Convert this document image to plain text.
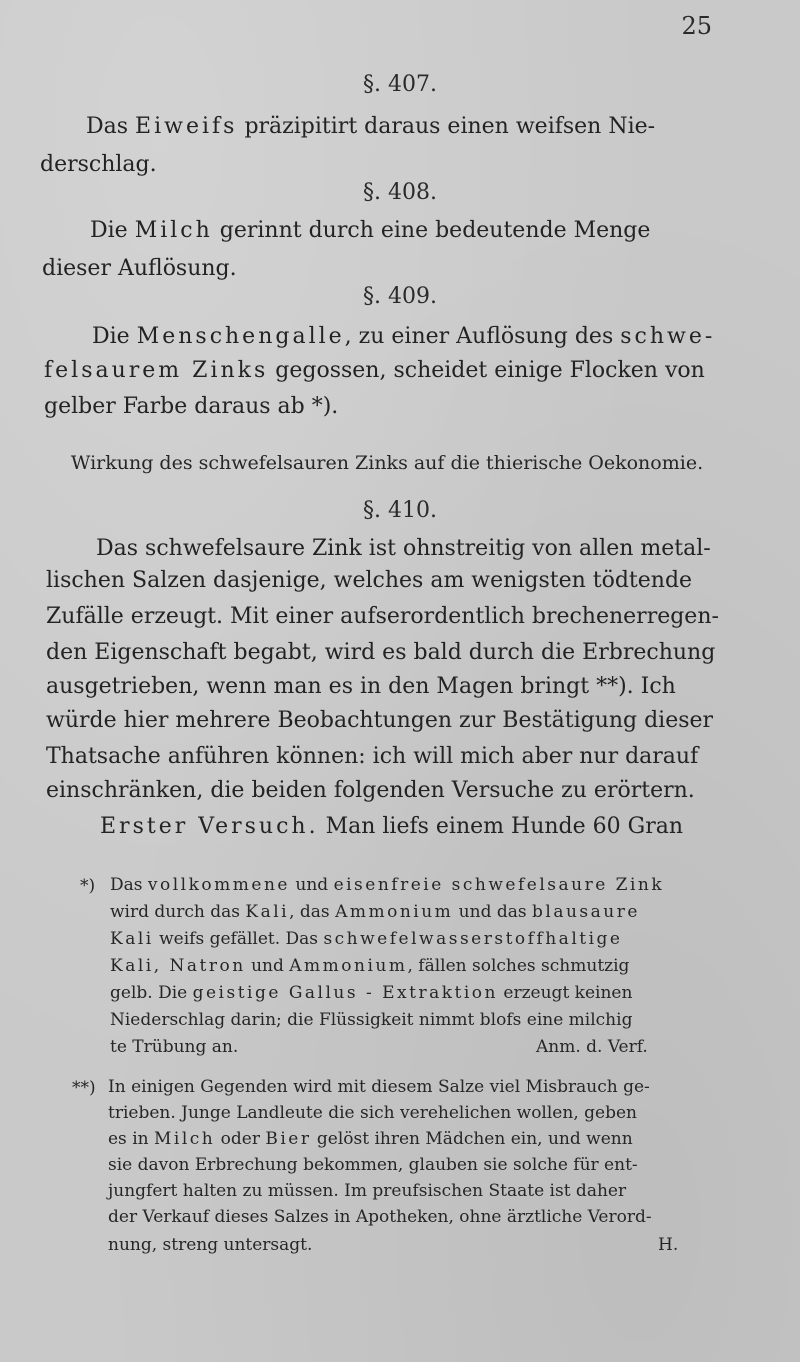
25
§. 407.
Das Eiweifs präzipitirt daraus einen weifsen Nie-
derschlag.
§. 408.
Die Milch gerinnt durch eine bedeutende Menge
dieser Auflösung.
§. 409.
Die Menschengalle, zu einer Auflösung des schwe-
felsaurem Zinks gegossen, scheidet einige Flocken von
gelber Farbe daraus ab *).
Wirkung des schwefelsauren Zinks auf die thierische Oekonomie.
§. 410.
Das schwefelsaure Zink ist ohnstreitig von allen metal-
lischen Salzen dasjenige, welches am wenigsten tödtende
Zufälle erzeugt. Mit einer aufserordentlich brechenerregen-
den Eigenschaft begabt, wird es bald durch die Erbrechung
ausgetrieben, wenn man es in den Magen bringt **). Ich
würde hier mehrere Beobachtungen zur Bestätigung dieser
Thatsache anführen können: ich will mich aber nur darauf
einschränken, die beiden folgenden Versuche zu erörtern.
Erster Versuch. Man liefs einem Hunde 60 Gran
*) Das vollkommene und eisenfreie schwefelsaure Zink
wird durch das Kali, das Ammonium und das blausaure
Kali weifs gefället. Das schwefelwasserstoffhaltige
Kali, Natron und Ammonium, fällen solches schmutzig
gelb. Die geistige Gallus - Extraktion erzeugt keinen
Niederschlag darin; die Flüssigkeit nimmt blofs eine milchig
te Trübung an.	Anm. d. Verf.
**) In einigen Gegenden wird mit diesem Salze viel Misbrauch ge-
trieben. Junge Landleute die sich verehelichen wollen, geben
es in Milch oder Bier gelöst ihren Mädchen ein, und wenn
sie davon Erbrechung bekommen, glauben sie solche für ent-
jungfert halten zu müssen. Im preufsischen Staate ist daher
der Verkauf dieses Salzes in Apotheken, ohne ärztliche Verord-
nung, streng untersagt.	H.
